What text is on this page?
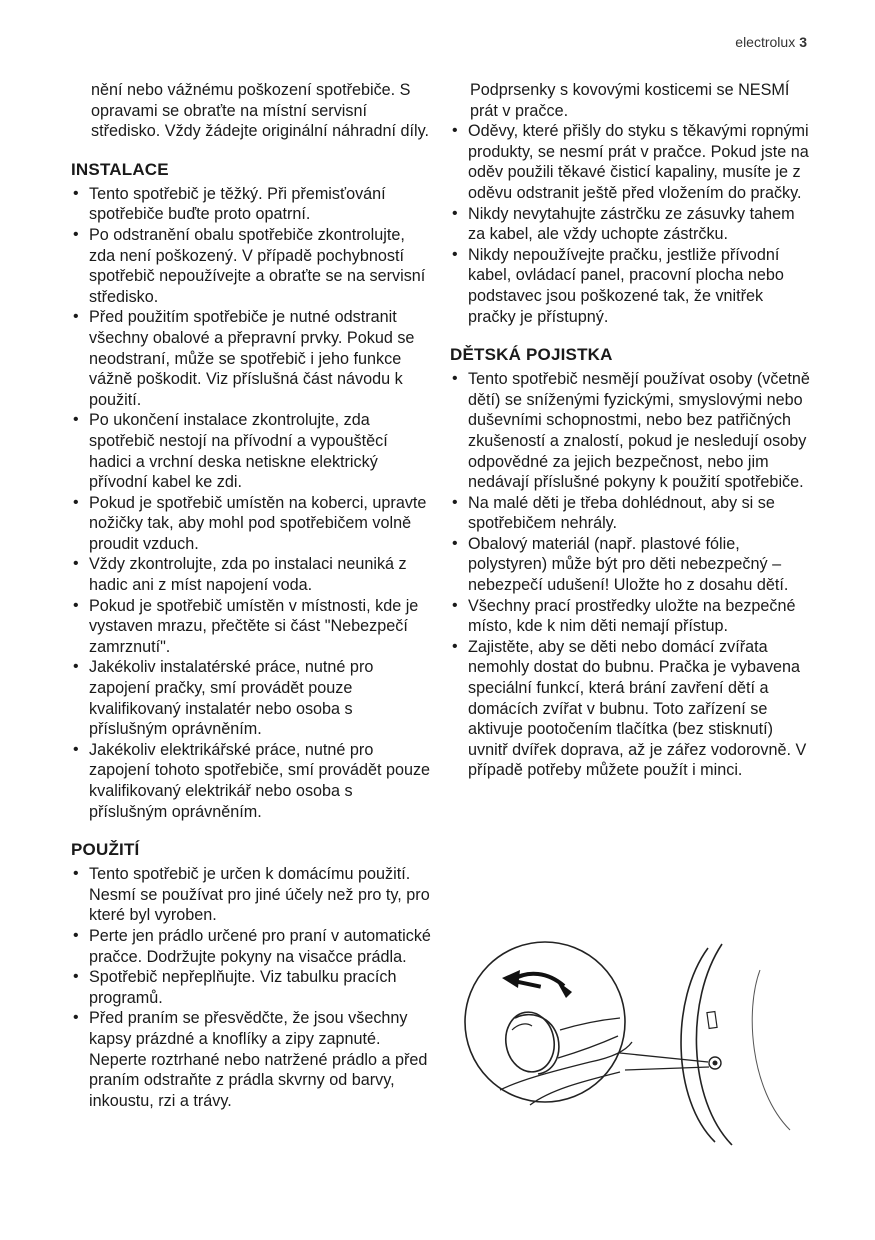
electrolux 3

nění nebo vážnému poškození spotřebiče. S opravami se obraťte na místní servisní středisko. Vždy žádejte originální náhradní díly.

INSTALACE
• Tento spotřebič je těžký. Při přemisťování spotřebiče buďte proto opatrní.
• Po odstranění obalu spotřebiče zkontrolujte, zda není poškozený. V případě pochybností spotřebič nepoužívejte a obraťte se na servisní středisko.
• Před použitím spotřebiče je nutné odstranit všechny obalové a přepravní prvky. Pokud se neodstraní, může se spotřebič i jeho funkce vážně poškodit. Viz příslušná část návodu k použití.
• Po ukončení instalace zkontrolujte, zda spotřebič nestojí na přívodní a vypouštěcí hadici a vrchní deska netiskne elektrický přívodní kabel ke zdi.
• Pokud je spotřebič umístěn na koberci, upravte nožičky tak, aby mohl pod spotřebičem volně proudit vzduch.
• Vždy zkontrolujte, zda po instalaci neuniká z hadic ani z míst napojení voda.
• Pokud je spotřebič umístěn v místnosti, kde je vystaven mrazu, přečtěte si část "Nebezpečí zamrznutí".
• Jakékoliv instalatérské práce, nutné pro zapojení pračky, smí provádět pouze kvalifikovaný instalatér nebo osoba s příslušným oprávněním.
• Jakékoliv elektrikářské práce, nutné pro zapojení tohoto spotřebiče, smí provádět pouze kvalifikovaný elektrikář nebo osoba s příslušným oprávněním.
POUŽITÍ
• Tento spotřebič je určen k domácímu použití. Nesmí se používat pro jiné účely než pro ty, pro které byl vyroben.
• Perte jen prádlo určené pro praní v automatické pračce. Dodržujte pokyny na visačce prádla.
• Spotřebič nepřeplňujte. Viz tabulku pracích programů.
• Před praním se přesvědčte, že jsou všechny kapsy prázdné a knoflíky a zipy zapnuté. Neperte roztrhané nebo natržené prádlo a před praním odstraňte z prádla skvrny od barvy, inkoustu, rzi a trávy.

Podprsenky s kovovými kosticemi se NESMÍ prát v pračce.

• Oděvy, které přišly do styku s těkavými ropnými produkty, se nesmí prát v pračce. Pokud jste na oděv použili těkavé čisticí kapaliny, musíte je z oděvu odstranit ještě před vložením do pračky.
• Nikdy nevytahujte zástrčku ze zásuvky tahem za kabel, ale vždy uchopte zástrčku.
• Nikdy nepoužívejte pračku, jestliže přívodní kabel, ovládací panel, pracovní plocha nebo podstavec jsou poškozené tak, že vnitřek pračky je přístupný.
DĚTSKÁ POJISTKA
• Tento spotřebič nesmějí používat osoby (včetně dětí) se sníženými fyzickými, smyslovými nebo duševními schopnostmi, nebo bez patřičných zkušeností a znalostí, pokud je nesledují osoby odpovědné za jejich bezpečnost, nebo jim nedávají příslušné pokyny k použití spotřebiče.
• Na malé děti je třeba dohlédnout, aby si se spotřebičem nehrály.
• Obalový materiál (např. plastové fólie, polystyren) může být pro děti nebezpečný – nebezpečí udušení! Uložte ho z dosahu dětí.
• Všechny prací prostředky uložte na bezpečné místo, kde k nim děti nemají přístup.
• Zajistěte, aby se děti nebo domácí zvířata nemohly dostat do bubnu. Pračka je vybavena speciální funkcí, která brání zavření dětí a domácích zvířat v bubnu. Toto zařízení se aktivuje pootočením tlačítka (bez stisknutí) uvnitř dvířek doprava, až je zářez vodorovně. V případě potřeby můžete použít i minci.
